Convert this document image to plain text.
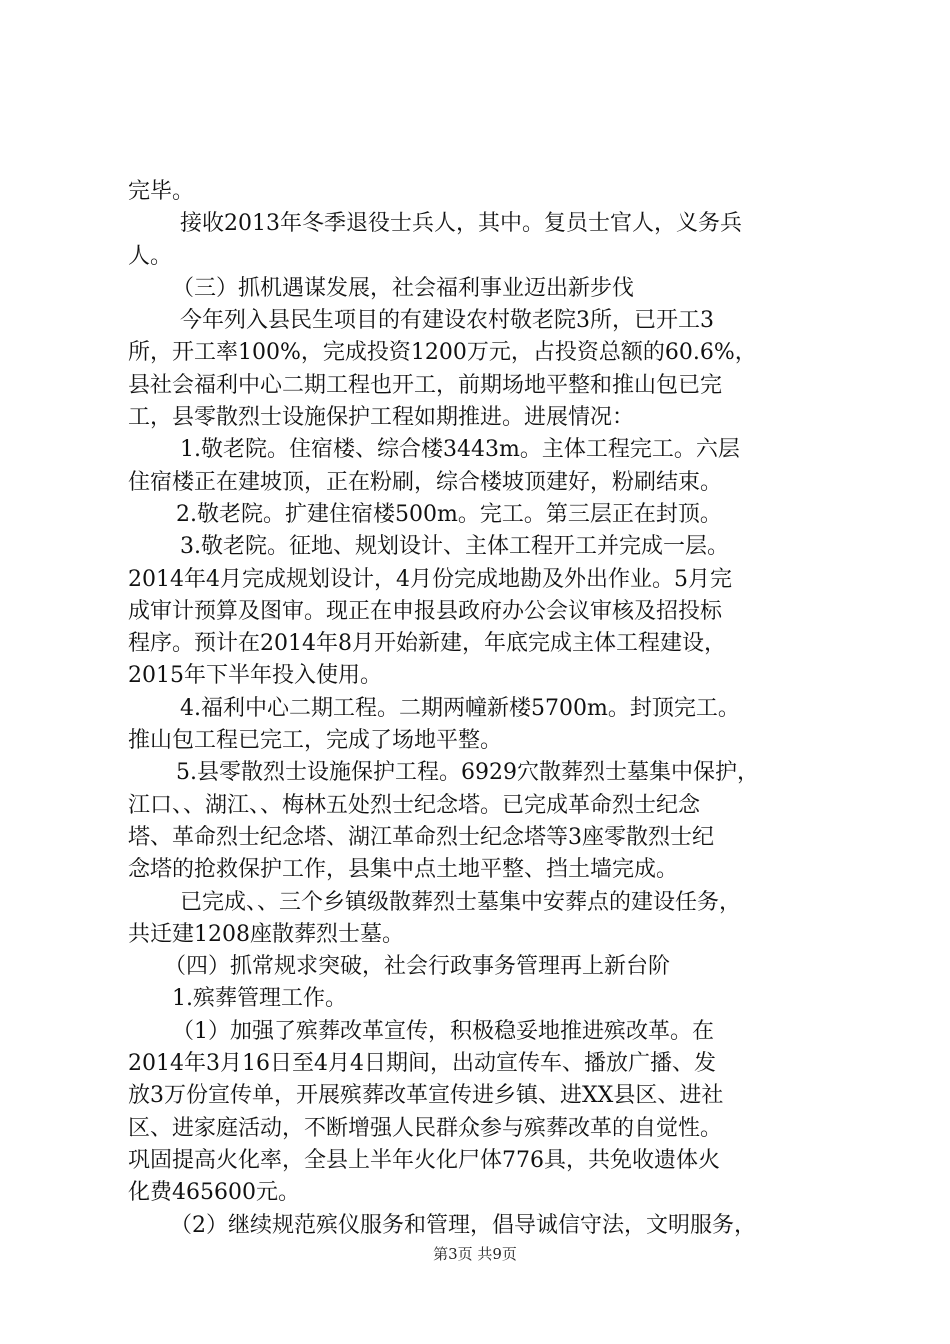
完毕。
接收2013年冬季退役士兵人，其中。复员士官人，义务兵
人。
（三）抓机遇谋发展，社会福利事业迈出新步伐
今年列入县民生项目的有建设农村敬老院3所，已开工3
所，开工率100%，完成投资1200万元，占投资总额的60.6%，
县社会福利中心二期工程也开工，前期场地平整和推山包已完
工，县零散烈士设施保护工程如期推进。进展情况：
1.敬老院。住宿楼、综合楼3443m。主体工程完工。六层
住宿楼正在建坡顶，正在粉刷，综合楼坡顶建好，粉刷结束。
2.敬老院。扩建住宿楼500m。完工。第三层正在封顶。
3.敬老院。征地、规划设计、主体工程开工并完成一层。
2014年4月完成规划设计，4月份完成地勘及外出作业。5月完
成审计预算及图审。现正在申报县政府办公会议审核及招投标
程序。预计在2014年8月开始新建，年底完成主体工程建设，
2015年下半年投入使用。
4.福利中心二期工程。二期两幢新楼5700m。封顶完工。
推山包工程已完工，完成了场地平整。
5.县零散烈士设施保护工程。6929穴散葬烈士墓集中保护，
江口、、湖江、、梅林五处烈士纪念塔。已完成革命烈士纪念
塔、革命烈士纪念塔、湖江革命烈士纪念塔等3座零散烈士纪
念塔的抢救保护工作，县集中点土地平整、挡土墙完成。
已完成、、三个乡镇级散葬烈士墓集中安葬点的建设任务，
共迁建1208座散葬烈士墓。
（四）抓常规求突破，社会行政事务管理再上新台阶
1.殡葬管理工作。
（1）加强了殡葬改革宣传，积极稳妥地推进殡改革。在
2014年3月16日至4月4日期间，出动宣传车、播放广播、发
放3万份宣传单，开展殡葬改革宣传进乡镇、进XX县区、进社
区、进家庭活动，不断增强人民群众参与殡葬改革的自觉性。
巩固提高火化率，全县上半年火化尸体776具，共免收遗体火
化费465600元。
（2）继续规范殡仪服务和管理，倡导诚信守法，文明服务，
第3页 共9页
